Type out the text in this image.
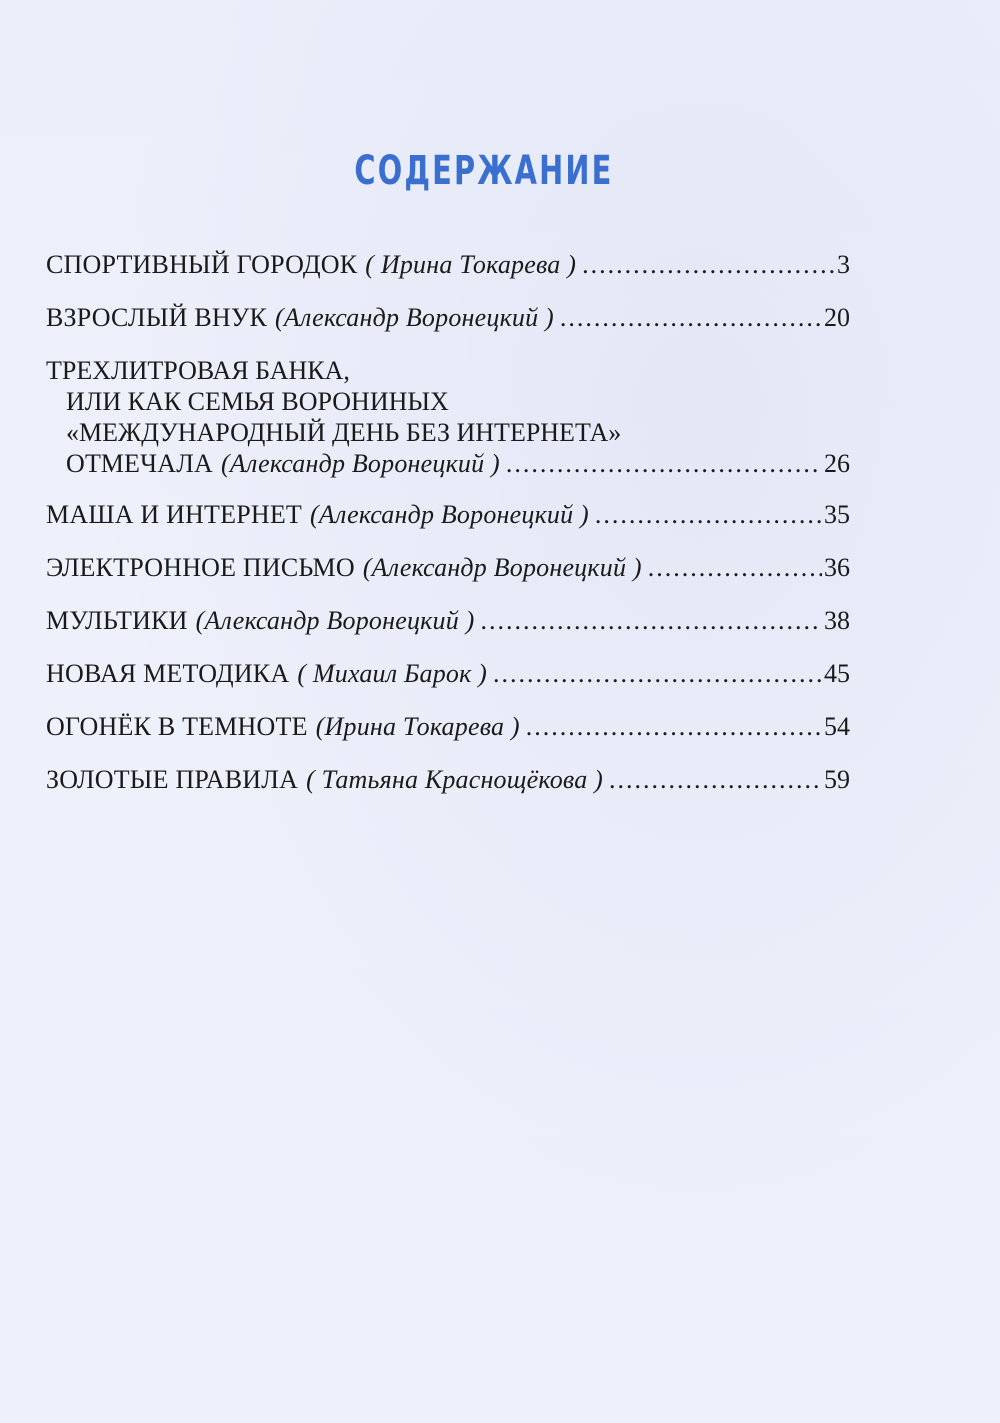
СОДЕРЖАНИЕ
СПОРТИВНЫЙ ГОРОДОК ( Ирина Токарева ) .....	3
ВЗРОСЛЫЙ ВНУК (Александр Воронецкий ) .....	20
ТРЕХЛИТРОВАЯ БАНКА,
ИЛИ КАК СЕМЬЯ ВОРОНИНЫХ
«МЕЖДУНАРОДНЫЙ ДЕНЬ БЕЗ ИНТЕРНЕТА»
ОТМЕЧАЛА (Александр Воронецкий ) .....	26
МАША И ИНТЕРНЕТ (Александр Воронецкий ) .....	35
ЭЛЕКТРОННОЕ ПИСЬМО (Александр Воронецкий ) .....	36
МУЛЬТИКИ (Александр Воронецкий ) .....	38
НОВАЯ МЕТОДИКА ( Михаил Барок ) .....	45
ОГОНЁК В ТЕМНОТЕ (Ирина Токарева ) .....	54
ЗОЛОТЫЕ ПРАВИЛА ( Татьяна Краснощёкова ) .....	59
